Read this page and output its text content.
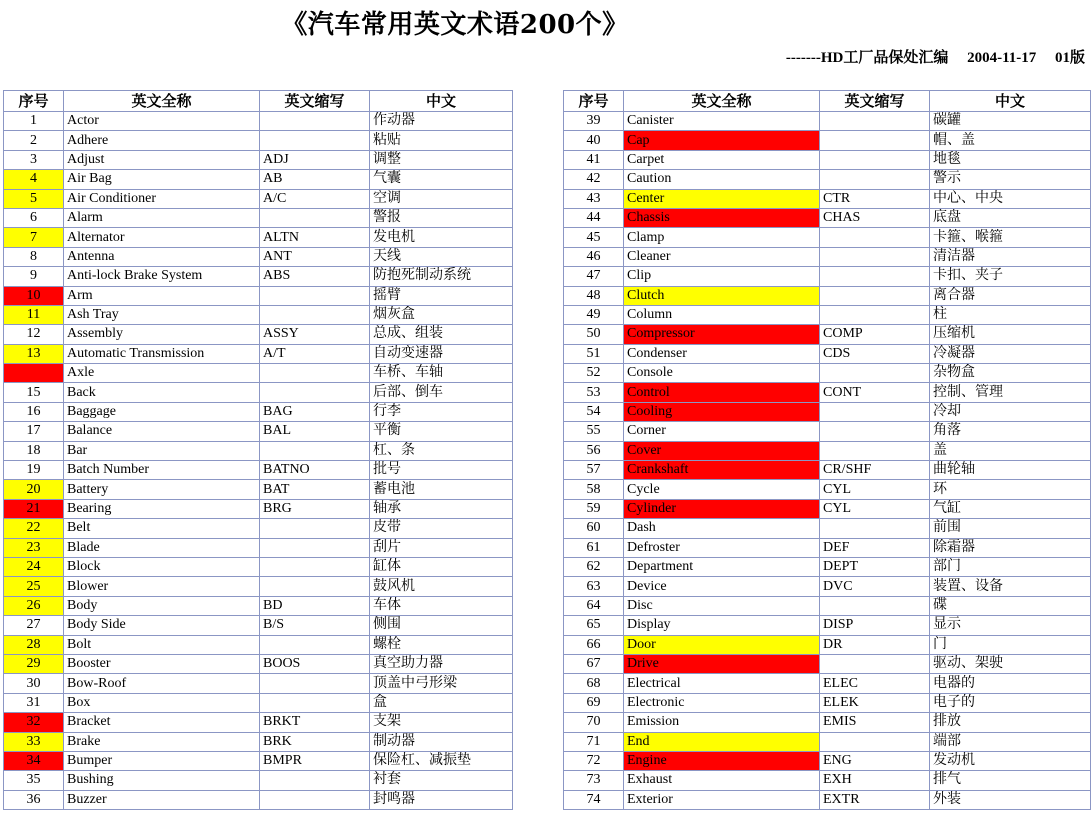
《汽车常用英文术语200个》
-------HD工厂品保处汇编     2004-11-17     01版
序号	英文全称	英文缩写	中文
1	Actor		作动器
2	Adhere		粘贴
3	Adjust	ADJ	调整
4	Air Bag	AB	气囊
5	Air Conditioner	A/C	空调
6	Alarm		警报
7	Alternator	ALTN	发电机
8	Antenna	ANT	天线
9	Anti-lock Brake System	ABS	防抱死制动系统
10	Arm		摇臂
11	Ash Tray		烟灰盒
12	Assembly	ASSY	总成、组装
13	Automatic Transmission	A/T	自动变速器
	Axle		车桥、车轴
15	Back		后部、倒车
16	Baggage	BAG	行李
17	Balance	BAL	平衡
18	Bar		杠、条
19	Batch Number	BATNO	批号
20	Battery	BAT	蓄电池
21	Bearing	BRG	轴承
22	Belt		皮带
23	Blade		刮片
24	Block		缸体
25	Blower		鼓风机
26	Body	BD	车体
27	Body Side	B/S	侧围
28	Bolt		螺栓
29	Booster	BOOS	真空助力器
30	Bow-Roof		顶盖中弓形梁
31	Box		盒
32	Bracket	BRKT	支架
33	Brake	BRK	制动器
34	Bumper	BMPR	保险杠、减振垫
35	Bushing		衬套
36	Buzzer		封鸣器
序号	英文全称	英文缩写	中文
39	Canister		碳罐
40	Cap		帽、盖
41	Carpet		地毯
42	Caution		警示
43	Center	CTR	中心、中央
44	Chassis	CHAS	底盘
45	Clamp		卡箍、喉箍
46	Cleaner		清洁器
47	Clip		卡扣、夹子
48	Clutch		离合器
49	Column		柱
50	Compressor	COMP	压缩机
51	Condenser	CDS	冷凝器
52	Console		杂物盒
53	Control	CONT	控制、管理
54	Cooling		冷却
55	Corner		角落
56	Cover		盖
57	Crankshaft	CR/SHF	曲轮轴
58	Cycle	CYL	环
59	Cylinder	CYL	气缸
60	Dash		前围
61	Defroster	DEF	除霜器
62	Department	DEPT	部门
63	Device	DVC	装置、设备
64	Disc		碟
65	Display	DISP	显示
66	Door	DR	门
67	Drive		驱动、架驶
68	Electrical	ELEC	电器的
69	Electronic	ELEK	电子的
70	Emission	EMIS	排放
71	End		端部
72	Engine	ENG	发动机
73	Exhaust	EXH	排气
74	Exterior	EXTR	外装
